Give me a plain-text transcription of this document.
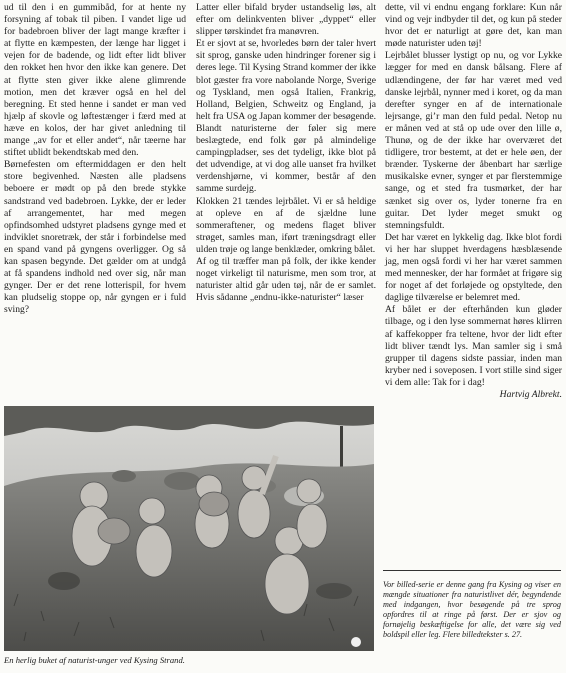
ud til den i en gummibåd, for at hente ny forsyning af tobak til piben. I vandet lige ud for badebroen bliver der lagt mange kræfter i at flytte en kæmpesten, der længe har ligget i vejen for de badende, og lidt efter lidt bliver den rokket hen hvor den ikke kan genere. Det at flytte sten giver ikke alene glimrende motion, men det kræver også en hel del beregning. Et sted henne i sandet er man ved hjælp af skovle og løftestænger i færd med at hæve en kolos, der har givet anledning til mange „av for et eller andet“, når tæerne har stiftet ublidt bekendtskab med den.

Børnefesten om eftermiddagen er den helt store begivenhed. Næsten alle pladsens beboere er mødt op på den brede stykke sandstrand ved badebroen. Lykke, der er leder af arrangementet, har med megen opfindsomhed udstyret pladsens gynge med et indviklet snoretræk, der står i forbindelse med en spand vand på gyngens overligger. Og så kan spasen begynde. Det gælder om at undgå at få spandens indhold ned over sig, når man gynger. Der er det rene lotterispil, for hvem kan pludselig stoppe op, når gyngen er i fuld sving?

Latter eller bifald bryder ustandselig løs, alt efter om delinkventen bliver „dyppet“ eller slipper tørskindet fra manøvren.

Et er sjovt at se, hvorledes børn der taler hvert sit sprog, ganske uden hindringer forener sig i deres lege. Til Kysing Strand kommer der ikke blot gæster fra vore nabolande Norge, Sverige og Tyskland, men også Italien, Frankrig, Holland, Belgien, Schweitz og England, ja helt fra USA og Japan kommer der besøgende. Blandt naturisterne der føler sig mere beslægtede, end folk gør på almindelige campingpladser, ses det tydeligt, ikke blot på det udvendige, at vi dog alle uanset fra hvilket verdenshjørne, vi kommer, består af den samme surdejg.

Klokken 21 tændes lejrbålet. Vi er så heldige at opleve en af de sjældne lune sommeraftener, og medens flaget bliver strøget, samles man, iført træningsdragt eller ulden trøje og lange benklæder, omkring bålet.

Af og til træffer man på folk, der ikke kender noget virkeligt til naturisme, men som tror, at naturister altid går uden tøj, når de er samlet. Hvis sådanne „endnu-ikke-naturister“ læser

dette, vil vi endnu engang forklare: Kun når vind og vejr indbyder til det, og kun på steder hvor det er naturligt at gøre det, kan man møde naturister uden tøj!

Lejrbålet blusser lystigt op nu, og vor Lykke lægger for med en dansk bålsang. Flere af udlændingene, der før har været med ved danske lejrbål, nynner med i koret, og da man derefter synger en af de internationale lejrsange, gi’r man den fuld pedal. Netop nu er månen ved at stå op ude over den lille ø, Thunø, og de der ikke har overværet det tidligere, tror bestemt, at det er hele øen, der brænder. Tyskerne der åbenbart har særlige musikalske evner, synger et par flerstemmige sange, og et sted fra tusmørket, der har sænket sig over os, lyder tonerne fra en guitar. Det lyder meget smukt og stemningsfuldt.

Det har været en lykkelig dag. Ikke blot fordi vi her har sluppet hverdagens hæsblæsende jag, men også fordi vi her har været sammen med mennesker, der har formået at frigøre sig for noget af det forløjede og opstyltede, den daglige tilværelse er belemret med.

Af bålet er der efterhånden kun gløder tilbage, og i den lyse sommernat høres klirren af kaffekopper fra teltene, hvor der lidt efter lidt bliver tændt lys. Man samler sig i små grupper til dagens sidste passiar, inden man kryber ned i soveposen. I vort stille sind siger vi dem alle: Tak for i dag!

Hartvig Albrekt.

En herlig buket af naturist-unger ved Kysing Strand.
Vor billed-serie er denne gang fra Kysing og viser en mængde situationer fra naturistlivet dér, begyndende med indgangen, hvor besøgende på tre sprog opfordres til at ringe på først. Der er sjov og fornøjelig beskæftigelse for alle, det være sig ved boldspil eller leg. Flere billedtekster s. 27.
